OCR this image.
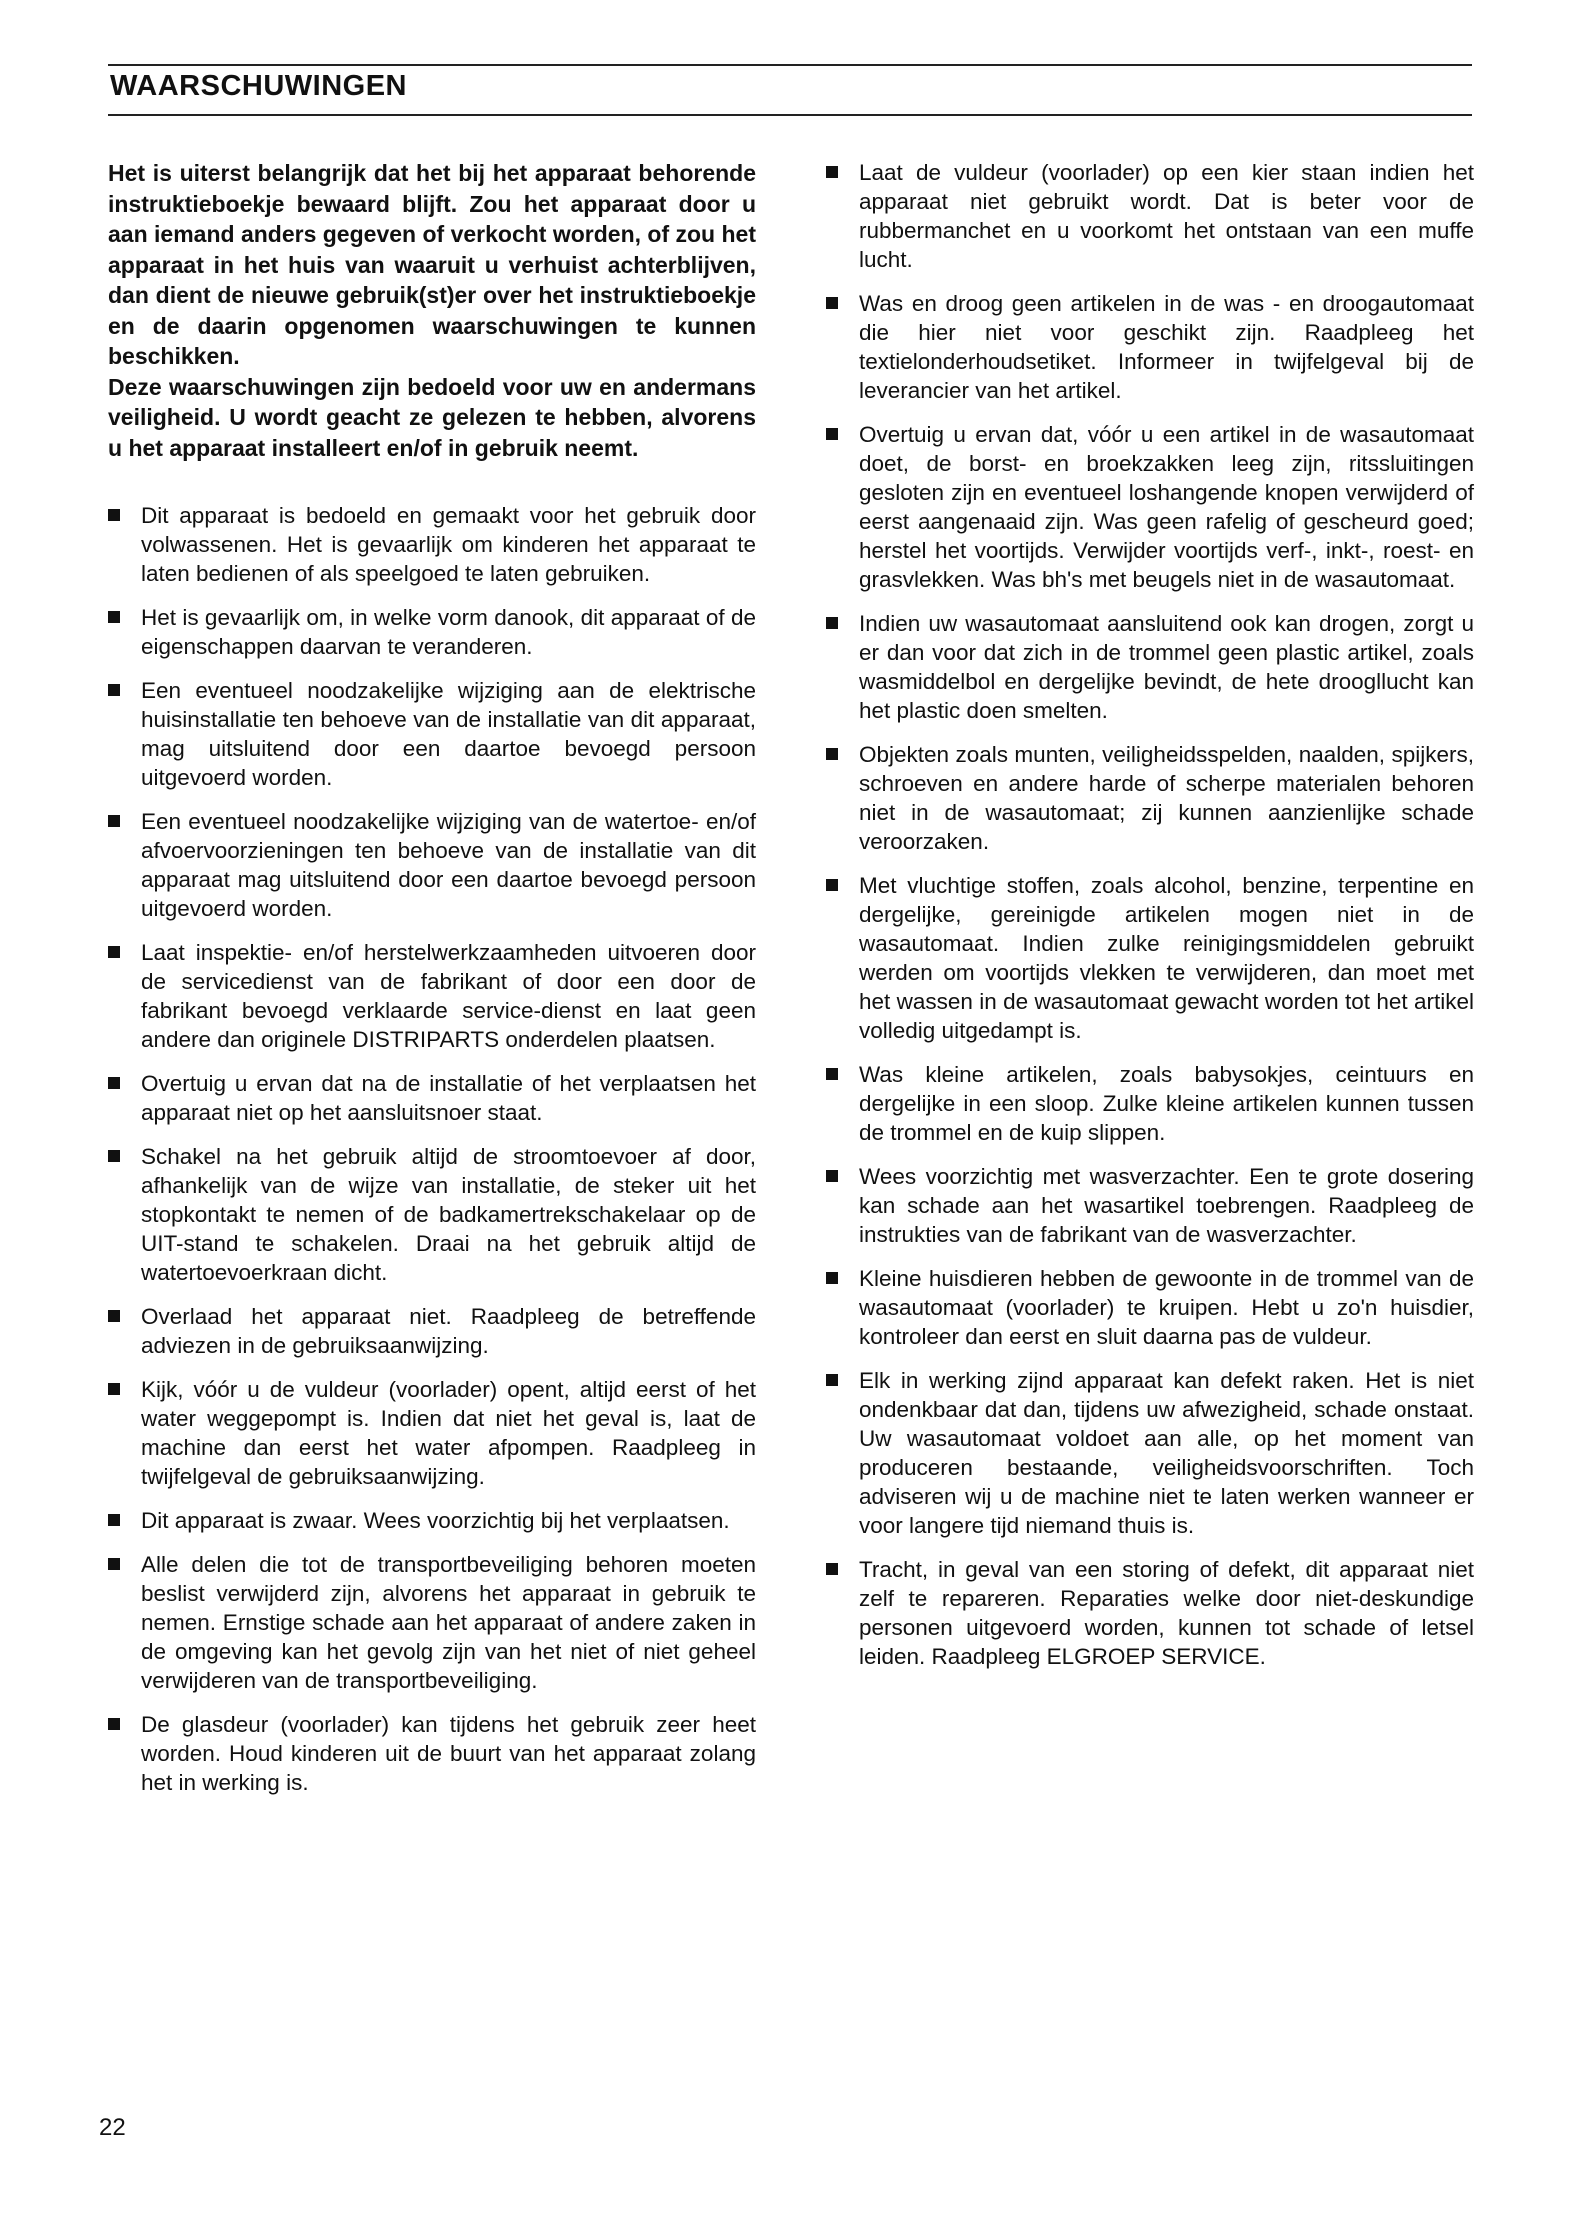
WAARSCHUWINGEN

Het is uiterst belangrijk dat het bij het apparaat behorende instruktieboekje bewaard blijft. Zou het apparaat door u aan iemand anders gegeven of verkocht worden, of zou het apparaat in het huis van waaruit u verhuist achterblijven, dan dient de nieuwe gebruik(st)er over het instruktieboekje en de daarin opgenomen waarschuwingen te kunnen beschikken.

Deze waarschuwingen zijn bedoeld voor uw en andermans veiligheid. U wordt geacht ze gelezen te hebben, alvorens u het apparaat installeert en/of in gebruik neemt.

Dit apparaat is bedoeld en gemaakt voor het gebruik door volwassenen. Het is gevaarlijk om kinderen het apparaat te laten bedienen of als speelgoed te laten gebruiken.
Het is gevaarlijk om, in welke vorm danook, dit apparaat of de eigenschappen daarvan te veranderen.
Een eventueel noodzakelijke wijziging aan de elektrische huisinstallatie ten behoeve van de installatie van dit apparaat, mag uitsluitend door een daartoe bevoegd persoon uitgevoerd worden.
Een eventueel noodzakelijke wijziging van de watertoe- en/of afvoervoorzieningen ten behoeve van de installatie van dit apparaat mag uitsluitend door een daartoe bevoegd persoon uitgevoerd worden.
Laat inspektie- en/of herstelwerkzaamheden uitvoeren door de servicedienst van de fabrikant of door een door de fabrikant bevoegd verklaarde service-dienst en laat geen andere dan originele DISTRIPARTS onderdelen plaatsen.
Overtuig u ervan dat na de installatie of het verplaatsen het apparaat niet op het aansluitsnoer staat.
Schakel na het gebruik altijd de stroomtoevoer af door, afhankelijk van de wijze van installatie, de steker uit het stopkontakt te nemen of de badkamertrekschakelaar op de UIT-stand te schakelen. Draai na het gebruik altijd de watertoevoerkraan dicht.
Overlaad het apparaat niet. Raadpleeg de betreffende adviezen in de gebruiksaanwijzing.
Kijk, vóór u de vuldeur (voorlader) opent, altijd eerst of het water weggepompt is. Indien dat niet het geval is, laat de machine dan eerst het water afpompen. Raadpleeg in twijfelgeval de gebruiksaanwijzing.
Dit apparaat is zwaar. Wees voorzichtig bij het verplaatsen.
Alle delen die tot de transportbeveiliging behoren moeten beslist verwijderd zijn, alvorens het apparaat in gebruik te nemen. Ernstige schade aan het apparaat of andere zaken in de omgeving kan het gevolg zijn van het niet of niet geheel verwijderen van de transportbeveiliging.
De glasdeur (voorlader) kan tijdens het gebruik zeer heet worden. Houd kinderen uit de buurt van het apparaat zolang het in werking is.
Laat de vuldeur (voorlader) op een kier staan indien het apparaat niet gebruikt wordt. Dat is beter voor de rubbermanchet en u voorkomt het ontstaan van een muffe lucht.
Was en droog geen artikelen in de was - en droogautomaat die hier niet voor geschikt zijn. Raadpleeg het textielonderhoudsetiket. Informeer in twijfelgeval bij de leverancier van het artikel.
Overtuig u ervan dat, vóór u een artikel in de wasautomaat doet, de borst- en broekzakken leeg zijn, ritssluitingen gesloten zijn en eventueel loshangende knopen verwijderd of eerst aangenaaid zijn. Was geen rafelig of gescheurd goed; herstel het voortijds. Verwijder voortijds verf-, inkt-, roest- en grasvlekken. Was bh's met beugels niet in de wasautomaat.
Indien uw wasautomaat aansluitend ook kan drogen, zorgt u er dan voor dat zich in de trommel geen plastic artikel, zoals wasmiddelbol en dergelijke bevindt, de hete droogllucht kan het plastic doen smelten.
Objekten zoals munten, veiligheidsspelden, naalden, spijkers, schroeven en andere harde of scherpe materialen behoren niet in de wasautomaat; zij kunnen aanzienlijke schade veroorzaken.
Met vluchtige stoffen, zoals alcohol, benzine, terpentine en dergelijke, gereinigde artikelen mogen niet in de wasautomaat. Indien zulke reinigingsmiddelen gebruikt werden om voortijds vlekken te verwijderen, dan moet met het wassen in de wasautomaat gewacht worden tot het artikel volledig uitgedampt is.
Was kleine artikelen, zoals babysokjes, ceintuurs en dergelijke in een sloop. Zulke kleine artikelen kunnen tussen de trommel en de kuip slippen.
Wees voorzichtig met wasverzachter. Een te grote dosering kan schade aan het wasartikel toebrengen. Raadpleeg de instrukties van de fabrikant van de wasverzachter.
Kleine huisdieren hebben de gewoonte in de trommel van de wasautomaat (voorlader) te kruipen. Hebt u zo'n huisdier, kontroleer dan eerst en sluit daarna pas de vuldeur.
Elk in werking zijnd apparaat kan defekt raken. Het is niet ondenkbaar dat dan, tijdens uw afwezigheid, schade onstaat. Uw wasautomaat voldoet aan alle, op het moment van produceren bestaande, veiligheidsvoorschriften. Toch adviseren wij u de machine niet te laten werken wanneer er voor langere tijd niemand thuis is.
Tracht, in geval van een storing of defekt, dit apparaat niet zelf te repareren. Reparaties welke door niet-deskundige personen uitgevoerd worden, kunnen tot schade of letsel leiden. Raadpleeg ELGROEP SERVICE.
22
